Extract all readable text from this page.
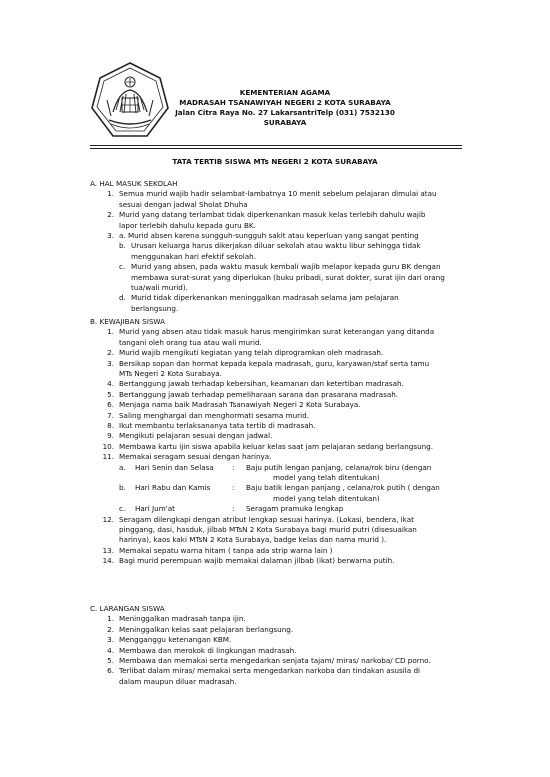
KEMENTERIAN AGAMA
MADRASAH TSANAWIYAH NEGERI 2 KOTA SURABAYA
Jalan Citra Raya No. 27 LakarsantriTelp (031) 7532130
SURABAYA
TATA TERTIB SISWA MTs NEGERI 2 KOTA SURABAYA
A. HAL MASUK SEKOLAH
1. Semua murid wajib hadir selambat-lambatnya 10 menit sebelum pelajaran dimulai atau
sesuai dengan jadwal Sholat Dhuha
2. Murid yang datang terlambat tidak diperkenankan masuk kelas terlebih dahulu wajib
lapor terlebih dahulu kepada guru BK.
3. a. Murid absen karena sungguh-sungguh sakit atau keperluan yang sangat penting
b. Urusan keluarga harus dikerjakan diluar sekolah atau waktu libur sehingga tidak
menggunakan hari efektif sekolah.
c. Murid yang absen, pada waktu masuk kembali wajib melapor kepada guru BK dengan
membawa surat-surat yang diperlukan (buku pribadi, surat dokter, surat ijin dari orang
tua/wali murid).
d. Murid tidak diperkenankan meninggalkan madrasah selama jam pelajaran
berlangsung.
B. KEWAJIBAN SISWA
1. Murid yang absen atau tidak masuk harus mengirimkan surat keterangan yang ditanda
tangani oleh orang tua atau wali murid.
2. Murid wajib mengikuti kegiatan yang telah diprogramkan oleh madrasah.
3. Bersikap sopan dan hormat kepada kepala madrasah, guru, karyawan/staf serta tamu
MTs Negeri 2 Kota Surabaya.
4. Bertanggung jawab terhadap kebersihan, keamanan dan ketertiban madrasah.
5. Bertanggung jawab terhadap pemeliharaan sarana dan prasarana madrasah.
6. Menjaga nama baik Madrasah Tsanawiyah Negeri 2 Kota Surabaya.
7. Saling menghargai dan menghormati sesama murid.
8. Ikut membantu terlaksananya tata tertib di madrasah.
9. Mengikuti pelajaran sesuai dengan jadwal.
10. Membawa kartu ijin siswa apabila keluar kelas saat jam pelajaran sedang berlangsung.
11. Memakai seragam sesuai dengan harinya.
a. Hari Senin dan Selasa	: Baju putih lengan panjang, celana/rok biru (dengan
model yang telah ditentukan)
b. Hari Rabu dan Kamis	: Baju batik lengan panjang , celana/rok putih ( dengan
model yang telah ditentukan)
c. Hari Jum'at	: Seragam pramuka lengkap
12. Seragam dilengkapi dengan atribut lengkap sesuai harinya. (Lokasi, bendera, ikat
pinggang, dasi, hasduk, jilbab MTsN 2 Kota Surabaya bagi murid putri (disesuaikan
harinya), kaos kaki MTsN 2 Kota Surabaya, badge kelas dan nama murid ).
13. Memakai sepatu warna hitam ( tanpa ada strip warna lain )
14. Bagi murid perempuan wajib memakai dalaman jilbab (ikat) berwarna putih.
C. LARANGAN SISWA
1. Meninggalkan madrasah tanpa ijin.
2. Meninggalkan kelas saat pelajaran berlangsung.
3. Mengganggu ketenangan KBM.
4. Membawa dan merokok di lingkungan madrasah.
5. Membawa dan memakai serta mengedarkan senjata tajam/ miras/ narkoba/ CD porno.
6. Terlibat dalam miras/ memakai serta mengedarkan narkoba dan tindakan asusila di
dalam maupun diluar madrasah.
